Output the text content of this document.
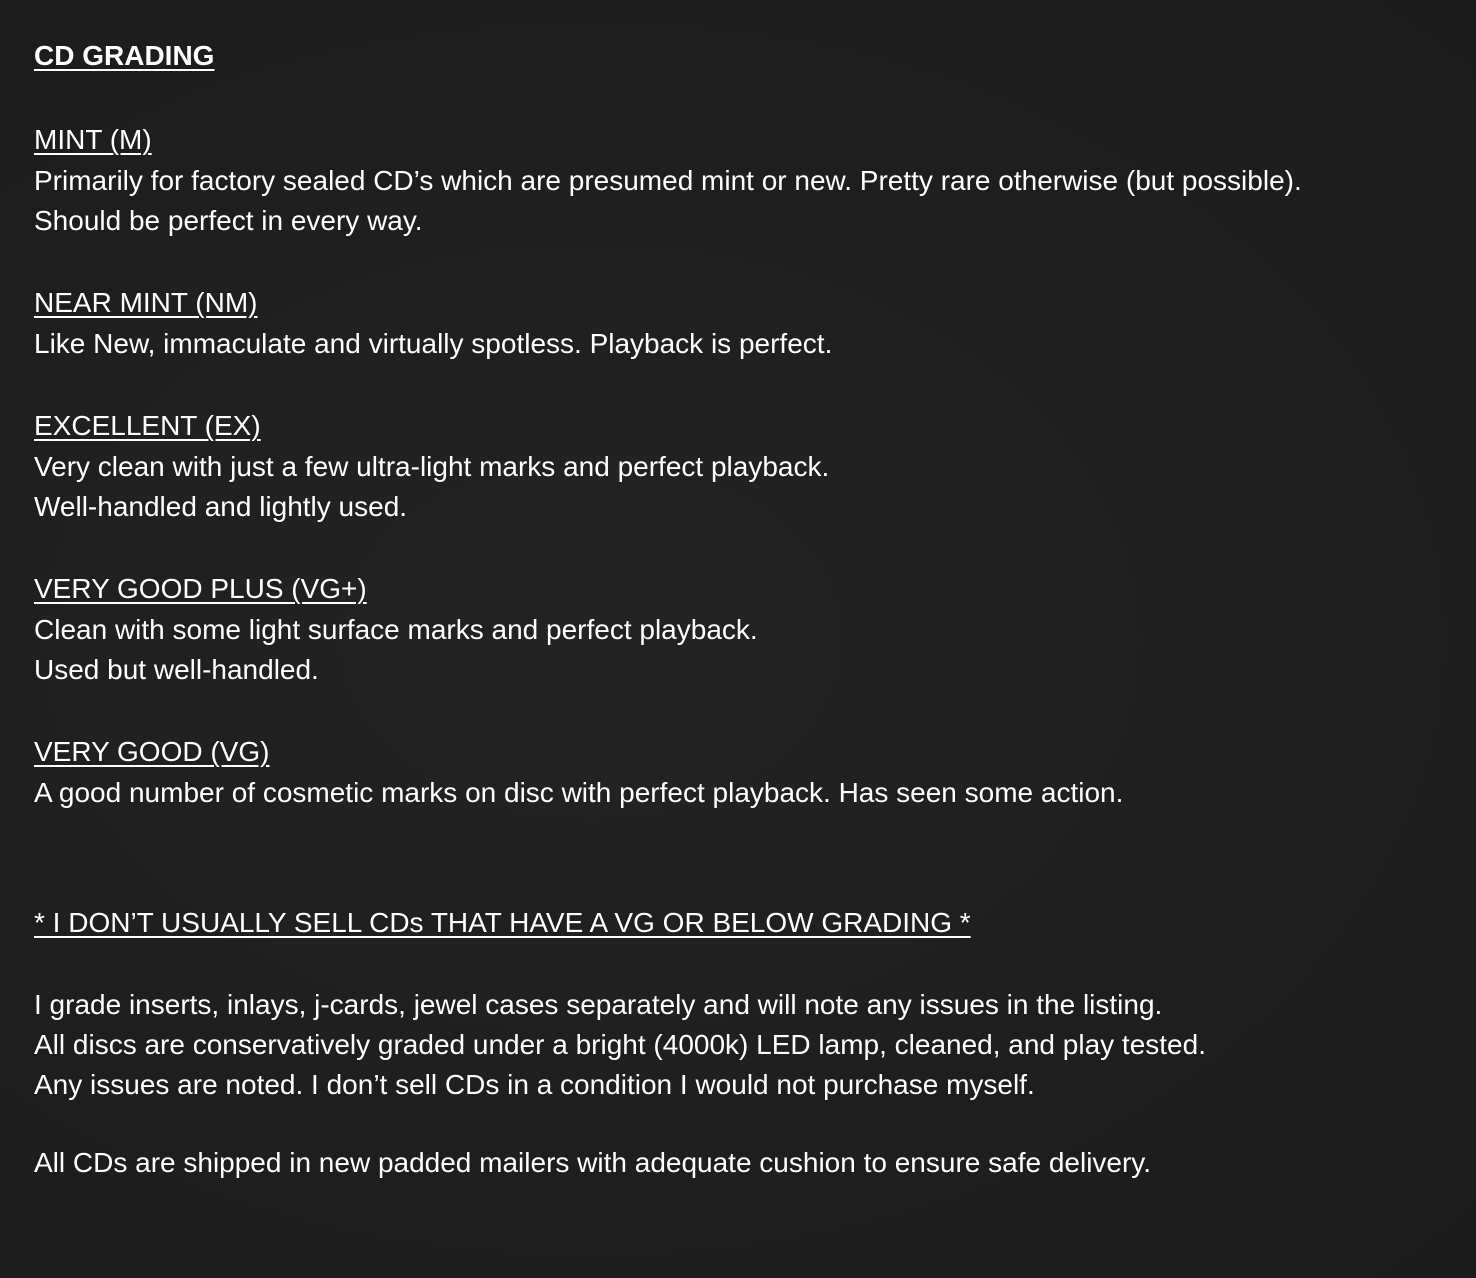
CD GRADING
MINT (M)
Primarily for factory sealed CD’s which are presumed mint or new. Pretty rare otherwise (but possible).
Should be perfect in every way.
NEAR MINT (NM)
Like New, immaculate and virtually spotless. Playback is perfect.
EXCELLENT (EX)
Very clean with just a few ultra-light marks and perfect playback.
Well-handled and lightly used.
VERY GOOD PLUS (VG+)
Clean with some light surface marks and perfect playback.
Used but well-handled.
VERY GOOD (VG)
A good number of cosmetic marks on disc with perfect playback. Has seen some action.
* I DON’T USUALLY SELL CDs THAT HAVE A VG OR BELOW GRADING *
I grade inserts, inlays, j-cards, jewel cases separately and will note any issues in the listing.
All discs are conservatively graded under a bright (4000k) LED lamp, cleaned, and play tested.
Any issues are noted. I don’t sell CDs in a condition I would not purchase myself.
All CDs are shipped in new padded mailers with adequate cushion to ensure safe delivery.
